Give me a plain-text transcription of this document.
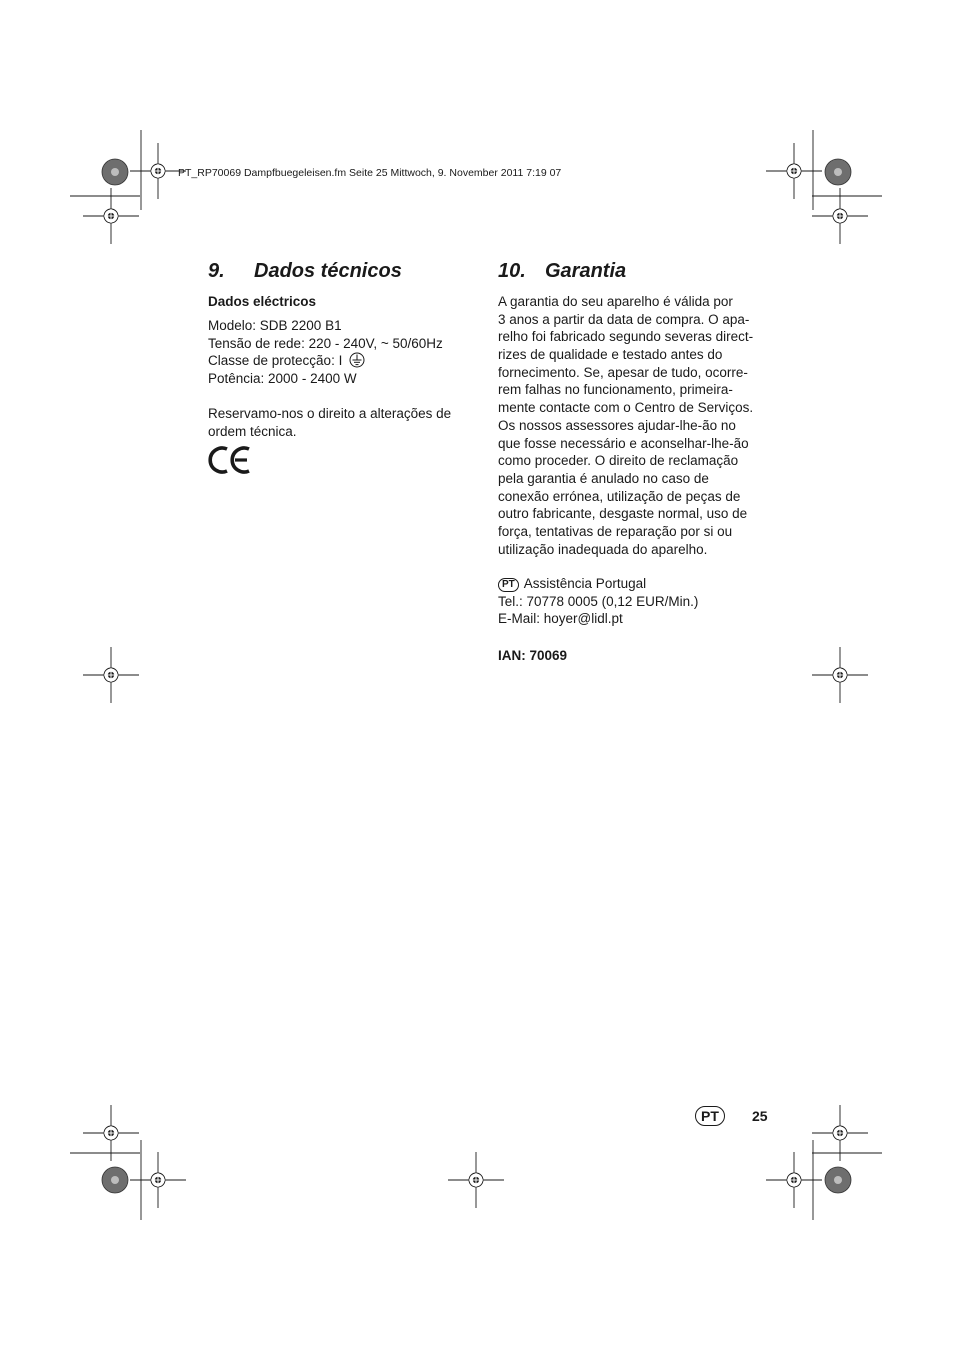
PT_RP70069 Dampfbuegeleisen.fm Seite 25 Mittwoch, 9. November 2011 7:19 07
9. Dados técnicos
Dados eléctricos
Modelo: SDB 2200 B1
Tensão de rede: 220 - 240V, ~ 50/60Hz
Classe de protecção: I
Potência: 2000 - 2400 W
Reservamo-nos o direito a alterações de
ordem técnica.
10. Garantia
A garantia do seu aparelho é válida por
3 anos a partir da data de compra. O apa-
relho foi fabricado segundo severas direct-
rizes de qualidade e testado antes do
fornecimento. Se, apesar de tudo, ocorre-
rem falhas no funcionamento, primeira-
mente contacte com o Centro de Serviços.
Os nossos assessores ajudar-lhe-ão no
que fosse necessário e aconselhar-lhe-ão
como proceder. O direito de reclamação
pela garantia é anulado no caso de
conexão errónea, utilização de peças de
outro fabricante, desgaste normal, uso de
força, tentativas de reparação por si ou
utilização inadequada do aparelho.
PT Assistência Portugal
Tel.: 70778 0005 (0,12 EUR/Min.)
E-Mail: hoyer@lidl.pt
IAN: 70069
PT	25
